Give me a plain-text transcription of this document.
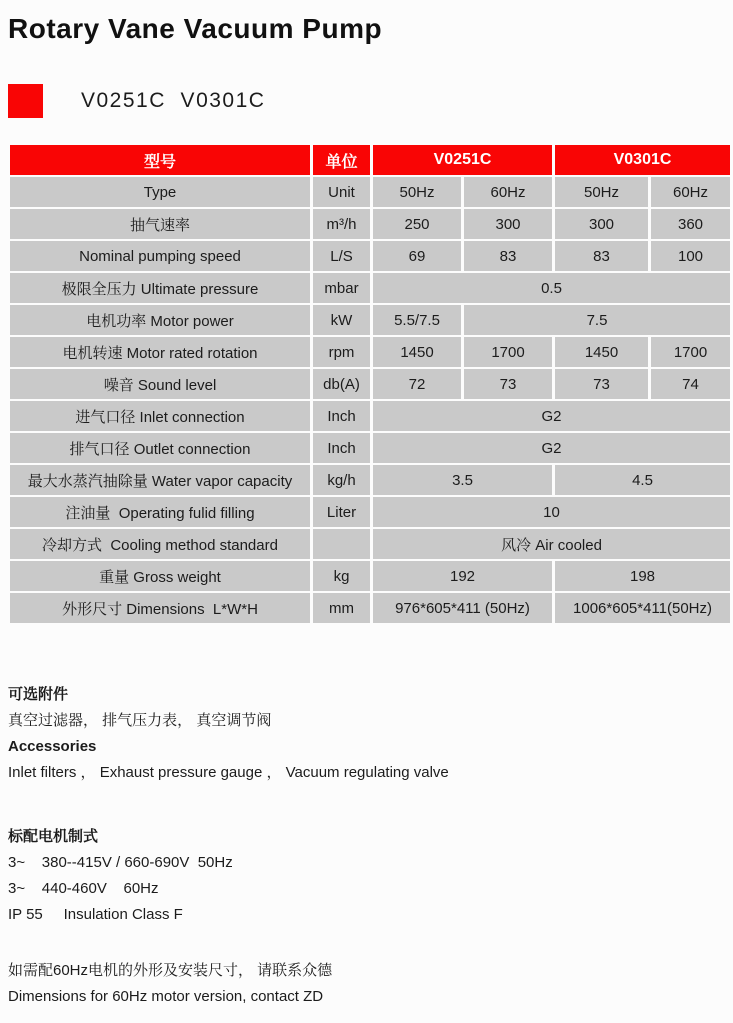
Rotary Vane Vacuum Pump
V0251C  V0301C
型号	单位	V0251C		V0301C	
Type	Unit	50Hz	60Hz	50Hz	60Hz
抽气速率	m³/h	250	300	300	360
Nominal pumping speed	L/S	69	83	83	100
极限全压力 Ultimate pressure	mbar	0.5			
电机功率 Motor power	kW	5.5/7.5	7.5		
电机转速 Motor rated rotation	rpm	1450	1700	1450	1700
噪音 Sound level	db(A)	72	73	73	74
进气口径 Inlet connection	Inch	G2			
排气口径 Outlet connection	Inch	G2			
最大水蒸汽抽除量 Water vapor capacity	kg/h	3.5		4.5	
注油量  Operating fulid filling	Liter	10			
冷却方式  Cooling method standard		风冷 Air cooled			
重量 Gross weight	kg	192		198	
外形尺寸 Dimensions  L*W*H	mm	976*605*411 (50Hz)		1006*605*411(50Hz)	

可选附件

真空过滤器， 排气压力表， 真空调节阀

Accessories

Inlet filters ， Exhaust pressure gauge ， Vacuum regulating valve

标配电机制式

3~    380--415V / 660-690V  50Hz

3~    440-460V    60Hz

IP 55     Insulation Class F

如需配60Hz电机的外形及安装尺寸， 请联系众德

Dimensions for 60Hz motor version, contact ZD
